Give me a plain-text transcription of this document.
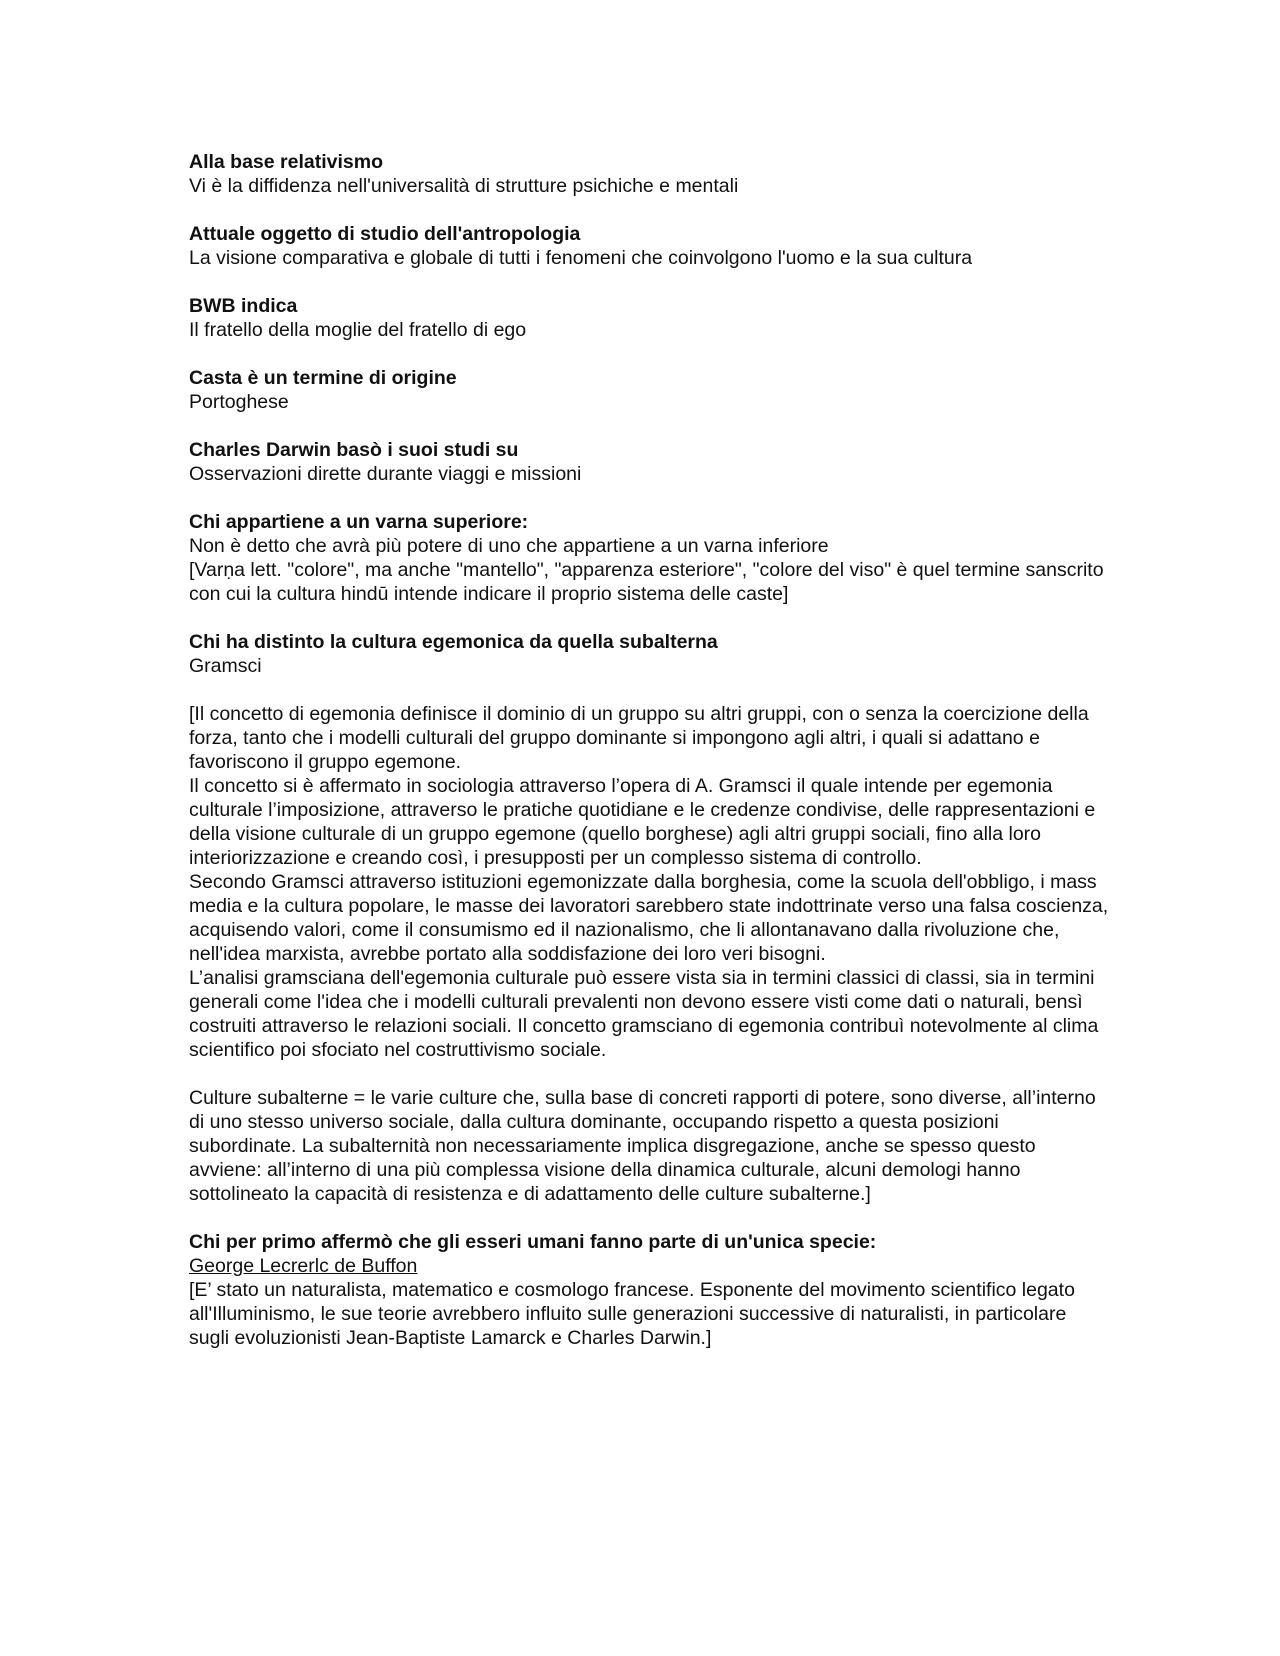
Alla base relativismo
Vi è la diffidenza nell'universalità di strutture psichiche e mentali
Attuale oggetto di studio dell'antropologia
La visione comparativa e globale di tutti i fenomeni che coinvolgono l'uomo e la sua cultura
BWB indica
Il fratello della moglie del fratello di ego
Casta è un termine di origine
Portoghese
Charles Darwin basò i suoi studi su
Osservazioni dirette durante viaggi e missioni
Chi appartiene a un varna superiore:
Non è detto che avrà più potere di uno che appartiene a un varna inferiore
[Varṇa lett. "colore", ma anche "mantello", "apparenza esteriore", "colore del viso" è quel termine sanscrito con cui la cultura hindū intende indicare il proprio sistema delle caste]
Chi ha distinto la cultura egemonica da quella subalterna
Gramsci
[Il concetto di egemonia definisce il dominio di un gruppo su altri gruppi, con o senza la coercizione della forza, tanto che i modelli culturali del gruppo dominante si impongono agli altri, i quali si adattano e favoriscono il gruppo egemone.
Il concetto si è affermato in sociologia attraverso l’opera di A. Gramsci il quale intende per egemonia culturale l’imposizione, attraverso le pratiche quotidiane e le credenze condivise, delle rappresentazioni e della visione culturale di un gruppo egemone (quello borghese) agli altri gruppi sociali, fino alla loro interiorizzazione e creando così, i presupposti per un complesso sistema di controllo.
Secondo Gramsci attraverso istituzioni egemonizzate dalla borghesia, come la scuola dell'obbligo, i mass media e la cultura popolare, le masse dei lavoratori sarebbero state indottrinate verso una falsa coscienza, acquisendo valori, come il consumismo ed il nazionalismo, che li allontanavano dalla rivoluzione che, nell'idea marxista, avrebbe portato alla soddisfazione dei loro veri bisogni.
L’analisi gramsciana dell'egemonia culturale può essere vista sia in termini classici di classi, sia in termini generali come l'idea che i modelli culturali prevalenti non devono essere visti come dati o naturali, bensì costruiti attraverso le relazioni sociali. Il concetto gramsciano di egemonia contribuì notevolmente al clima scientifico poi sfociato nel costruttivismo sociale.
Culture subalterne = le varie culture che, sulla base di concreti rapporti di potere, sono diverse, all’interno di uno stesso universo sociale, dalla cultura dominante, occupando rispetto a questa posizioni subordinate. La subalternità non necessariamente implica disgregazione, anche se spesso questo avviene: all’interno di una più complessa visione della dinamica culturale, alcuni demologi hanno sottolineato la capacità di resistenza e di adattamento delle culture subalterne.]
Chi per primo affermò che gli esseri umani fanno parte di un'unica specie:
George Lecrerlc de Buffon
[E’ stato un naturalista, matematico e cosmologo francese. Esponente del movimento scientifico legato all'Illuminismo, le sue teorie avrebbero influito sulle generazioni successive di naturalisti, in particolare sugli evoluzionisti Jean-Baptiste Lamarck e Charles Darwin.]
